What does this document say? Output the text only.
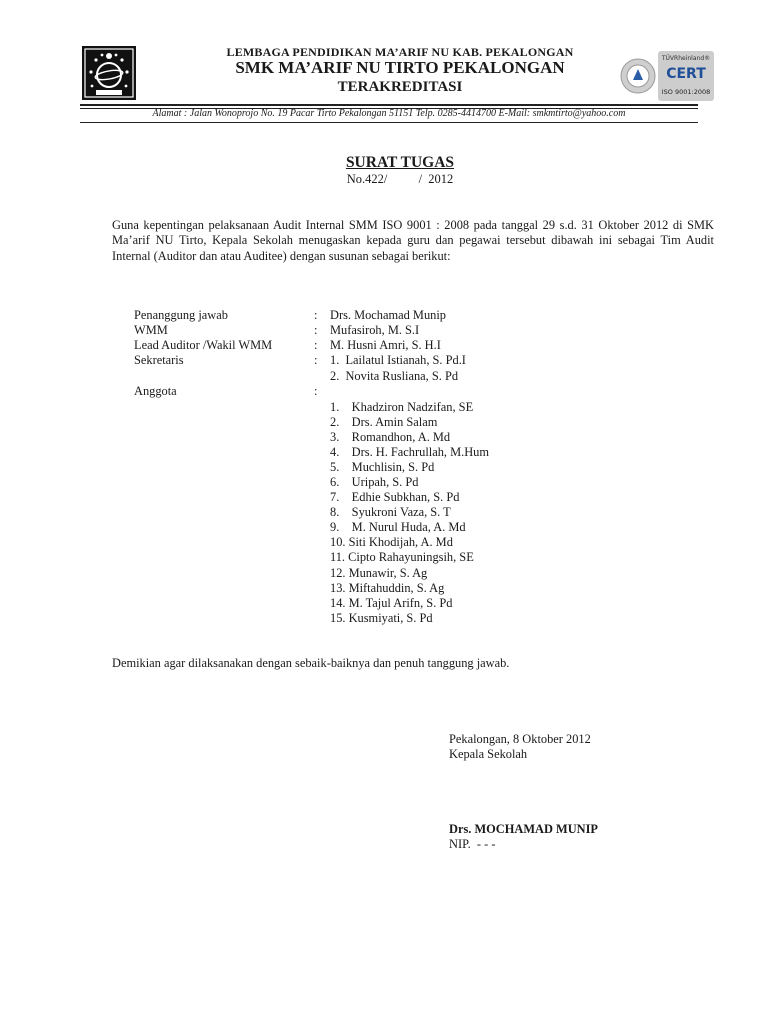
LEMBAGA PENDIDIKAN MA’ARIF NU KAB. PEKALONGAN
SMK MA’ARIF NU TIRTO PEKALONGAN
TERAKREDITASI
TÜVRheinland®
CERT
ISO 9001:2008
Alamat : Jalan Wonoprojo No. 19 Pacar Tirto Pekalongan 51151 Telp. 0285-4414700 E-Mail: smkmtirto@yahoo.com
SURAT TUGAS
No.422/          /  2012
Guna kepentingan pelaksanaan Audit Internal SMM ISO 9001 : 2008 pada tanggal 29 s.d. 31 Oktober 2012 di SMK Ma’arif NU Tirto, Kepala Sekolah menugaskan kepada guru dan pegawai tersebut dibawah ini sebagai Tim Audit Internal (Auditor dan atau Auditee) dengan susunan sebagai berikut:
Penanggung jawab	: Drs. Mochamad Munip
WMM	: Mufasiroh, M. S.I
Lead Auditor /Wakil WMM	: M. Husni Amri, S. H.I
Sekretaris	: 1.  Lailatul Istianah, S. Pd.I
2.  Novita Rusliana, S. Pd
Anggota	:
1.    Khadziron Nadzifan, SE
2.    Drs. Amin Salam
3.    Romandhon, A. Md
4.    Drs. H. Fachrullah, M.Hum
5.    Muchlisin, S. Pd
6.    Uripah, S. Pd
7.    Edhie Subkhan, S. Pd
8.    Syukroni Vaza, S. T
9.    M. Nurul Huda, A. Md
10. Siti Khodijah, A. Md
11. Cipto Rahayuningsih, SE
12. Munawir, S. Ag
13. Miftahuddin, S. Ag
14. M. Tajul Arifn, S. Pd
15. Kusmiyati, S. Pd
Demikian agar dilaksanakan dengan sebaik-baiknya dan penuh tanggung jawab.
Pekalongan, 8 Oktober 2012
Kepala Sekolah
Drs. MOCHAMAD MUNIP
NIP.  - - -
